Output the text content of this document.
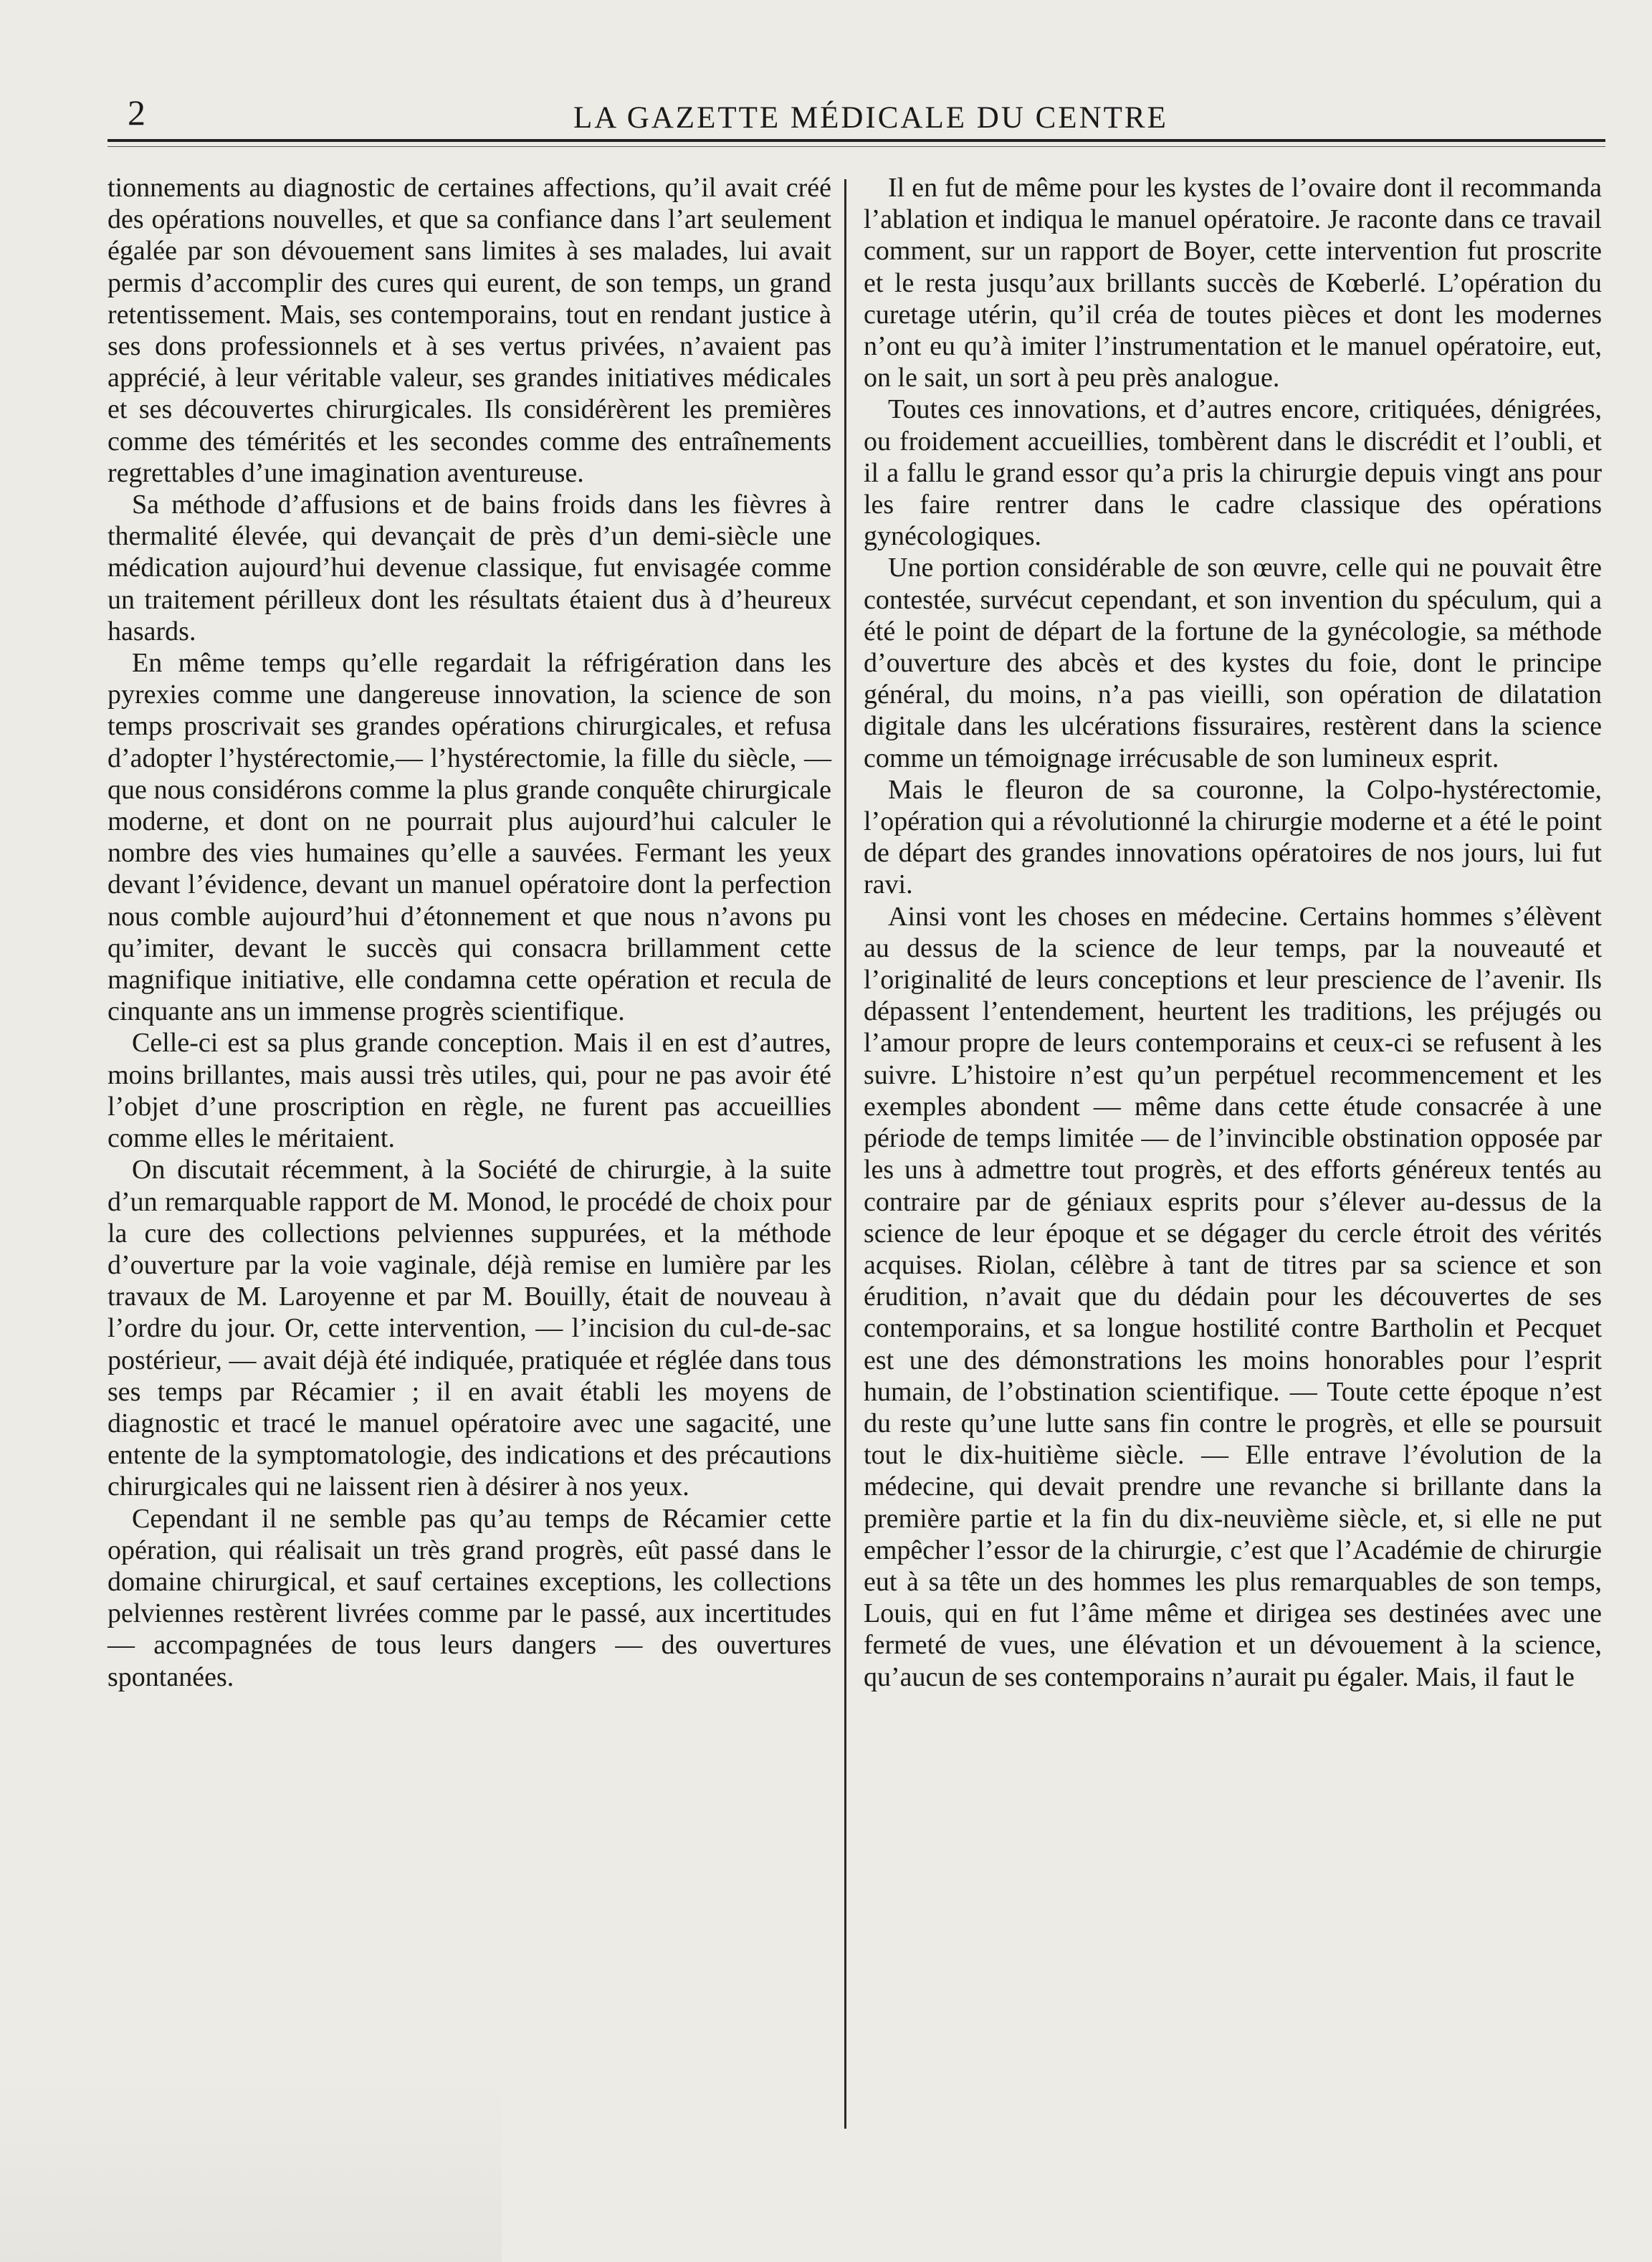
2	LA GAZETTE MÉDICALE DU CENTRE

tionnements au diagnostic de certaines affections, qu’il avait créé des opérations nouvelles, et que sa confiance dans l’art seulement égalée par son dévouement sans limites à ses malades, lui avait permis d’accomplir des cures qui eurent, de son temps, un grand retentissement. Mais, ses contemporains, tout en rendant justice à ses dons professionnels et à ses vertus privées, n’avaient pas apprécié, à leur véritable valeur, ses grandes initiatives médicales et ses découvertes chirurgicales. Ils considérèrent les premières comme des témérités et les secondes comme des entraînements regrettables d’une imagination aventureuse.

Sa méthode d’affusions et de bains froids dans les fièvres à thermalité élevée, qui devançait de près d’un demi-siècle une médication aujourd’hui devenue classique, fut envisagée comme un traitement périlleux dont les résultats étaient dus à d’heureux hasards.

En même temps qu’elle regardait la réfrigération dans les pyrexies comme une dangereuse innovation, la science de son temps proscrivait ses grandes opérations chirurgicales, et refusa d’adopter l’hystérectomie,— l’hystérectomie, la fille du siècle, — que nous considérons comme la plus grande conquête chirurgicale moderne, et dont on ne pourrait plus aujourd’hui calculer le nombre des vies humaines qu’elle a sauvées. Fermant les yeux devant l’évidence, devant un manuel opératoire dont la perfection nous comble aujourd’hui d’étonnement et que nous n’avons pu qu’imiter, devant le succès qui consacra brillamment cette magnifique initiative, elle condamna cette opération et recula de cinquante ans un immense progrès scientifique.

Celle-ci est sa plus grande conception. Mais il en est d’autres, moins brillantes, mais aussi très utiles, qui, pour ne pas avoir été l’objet d’une proscription en règle, ne furent pas accueillies comme elles le méritaient.

On discutait récemment, à la Société de chirurgie, à la suite d’un remarquable rapport de M. Monod, le procédé de choix pour la cure des collections pelviennes suppurées, et la méthode d’ouverture par la voie vaginale, déjà remise en lumière par les travaux de M. Laroyenne et par M. Bouilly, était de nouveau à l’ordre du jour. Or, cette intervention, — l’incision du cul-de-sac postérieur, — avait déjà été indiquée, pratiquée et réglée dans tous ses temps par Récamier ; il en avait établi les moyens de diagnostic et tracé le manuel opératoire avec une sagacité, une entente de la symptomatologie, des indications et des précautions chirurgicales qui ne laissent rien à désirer à nos yeux.

Cependant il ne semble pas qu’au temps de Récamier cette opération, qui réalisait un très grand progrès, eût passé dans le domaine chirurgical, et sauf certaines exceptions, les collections pelviennes restèrent livrées comme par le passé, aux incertitudes — accompagnées de tous leurs dangers — des ouvertures spontanées.

Il en fut de même pour les kystes de l’ovaire dont il recommanda l’ablation et indiqua le manuel opératoire. Je raconte dans ce travail comment, sur un rapport de Boyer, cette intervention fut proscrite et le resta jusqu’aux brillants succès de Kœberlé. L’opération du curetage utérin, qu’il créa de toutes pièces et dont les modernes n’ont eu qu’à imiter l’instrumentation et le manuel opératoire, eut, on le sait, un sort à peu près analogue.

Toutes ces innovations, et d’autres encore, critiquées, dénigrées, ou froidement accueillies, tombèrent dans le discrédit et l’oubli, et il a fallu le grand essor qu’a pris la chirurgie depuis vingt ans pour les faire rentrer dans le cadre classique des opérations gynécologiques.

Une portion considérable de son œuvre, celle qui ne pouvait être contestée, survécut cependant, et son invention du spéculum, qui a été le point de départ de la fortune de la gynécologie, sa méthode d’ouverture des abcès et des kystes du foie, dont le principe général, du moins, n’a pas vieilli, son opération de dilatation digitale dans les ulcérations fissuraires, restèrent dans la science comme un témoignage irrécusable de son lumineux esprit.

Mais le fleuron de sa couronne, la Colpo-hystérectomie, l’opération qui a révolutionné la chirurgie moderne et a été le point de départ des grandes innovations opératoires de nos jours, lui fut ravi.

Ainsi vont les choses en médecine. Certains hommes s’élèvent au dessus de la science de leur temps, par la nouveauté et l’originalité de leurs conceptions et leur prescience de l’avenir. Ils dépassent l’entendement, heurtent les traditions, les préjugés ou l’amour propre de leurs contemporains et ceux-ci se refusent à les suivre. L’histoire n’est qu’un perpétuel recommencement et les exemples abondent — même dans cette étude consacrée à une période de temps limitée — de l’invincible obstination opposée par les uns à admettre tout progrès, et des efforts généreux tentés au contraire par de géniaux esprits pour s’élever au-dessus de la science de leur époque et se dégager du cercle étroit des vérités acquises. Riolan, célèbre à tant de titres par sa science et son érudition, n’avait que du dédain pour les découvertes de ses contemporains, et sa longue hostilité contre Bartholin et Pecquet est une des démonstrations les moins honorables pour l’esprit humain, de l’obstination scientifique. — Toute cette époque n’est du reste qu’une lutte sans fin contre le progrès, et elle se poursuit tout le dix-huitième siècle. — Elle entrave l’évolution de la médecine, qui devait prendre une revanche si brillante dans la première partie et la fin du dix-neuvième siècle, et, si elle ne put empêcher l’essor de la chirurgie, c’est que l’Académie de chirurgie eut à sa tête un des hommes les plus remarquables de son temps, Louis, qui en fut l’âme même et dirigea ses destinées avec une fermeté de vues, une élévation et un dévouement à la science, qu’aucun de ses contemporains n’aurait pu égaler. Mais, il faut le
